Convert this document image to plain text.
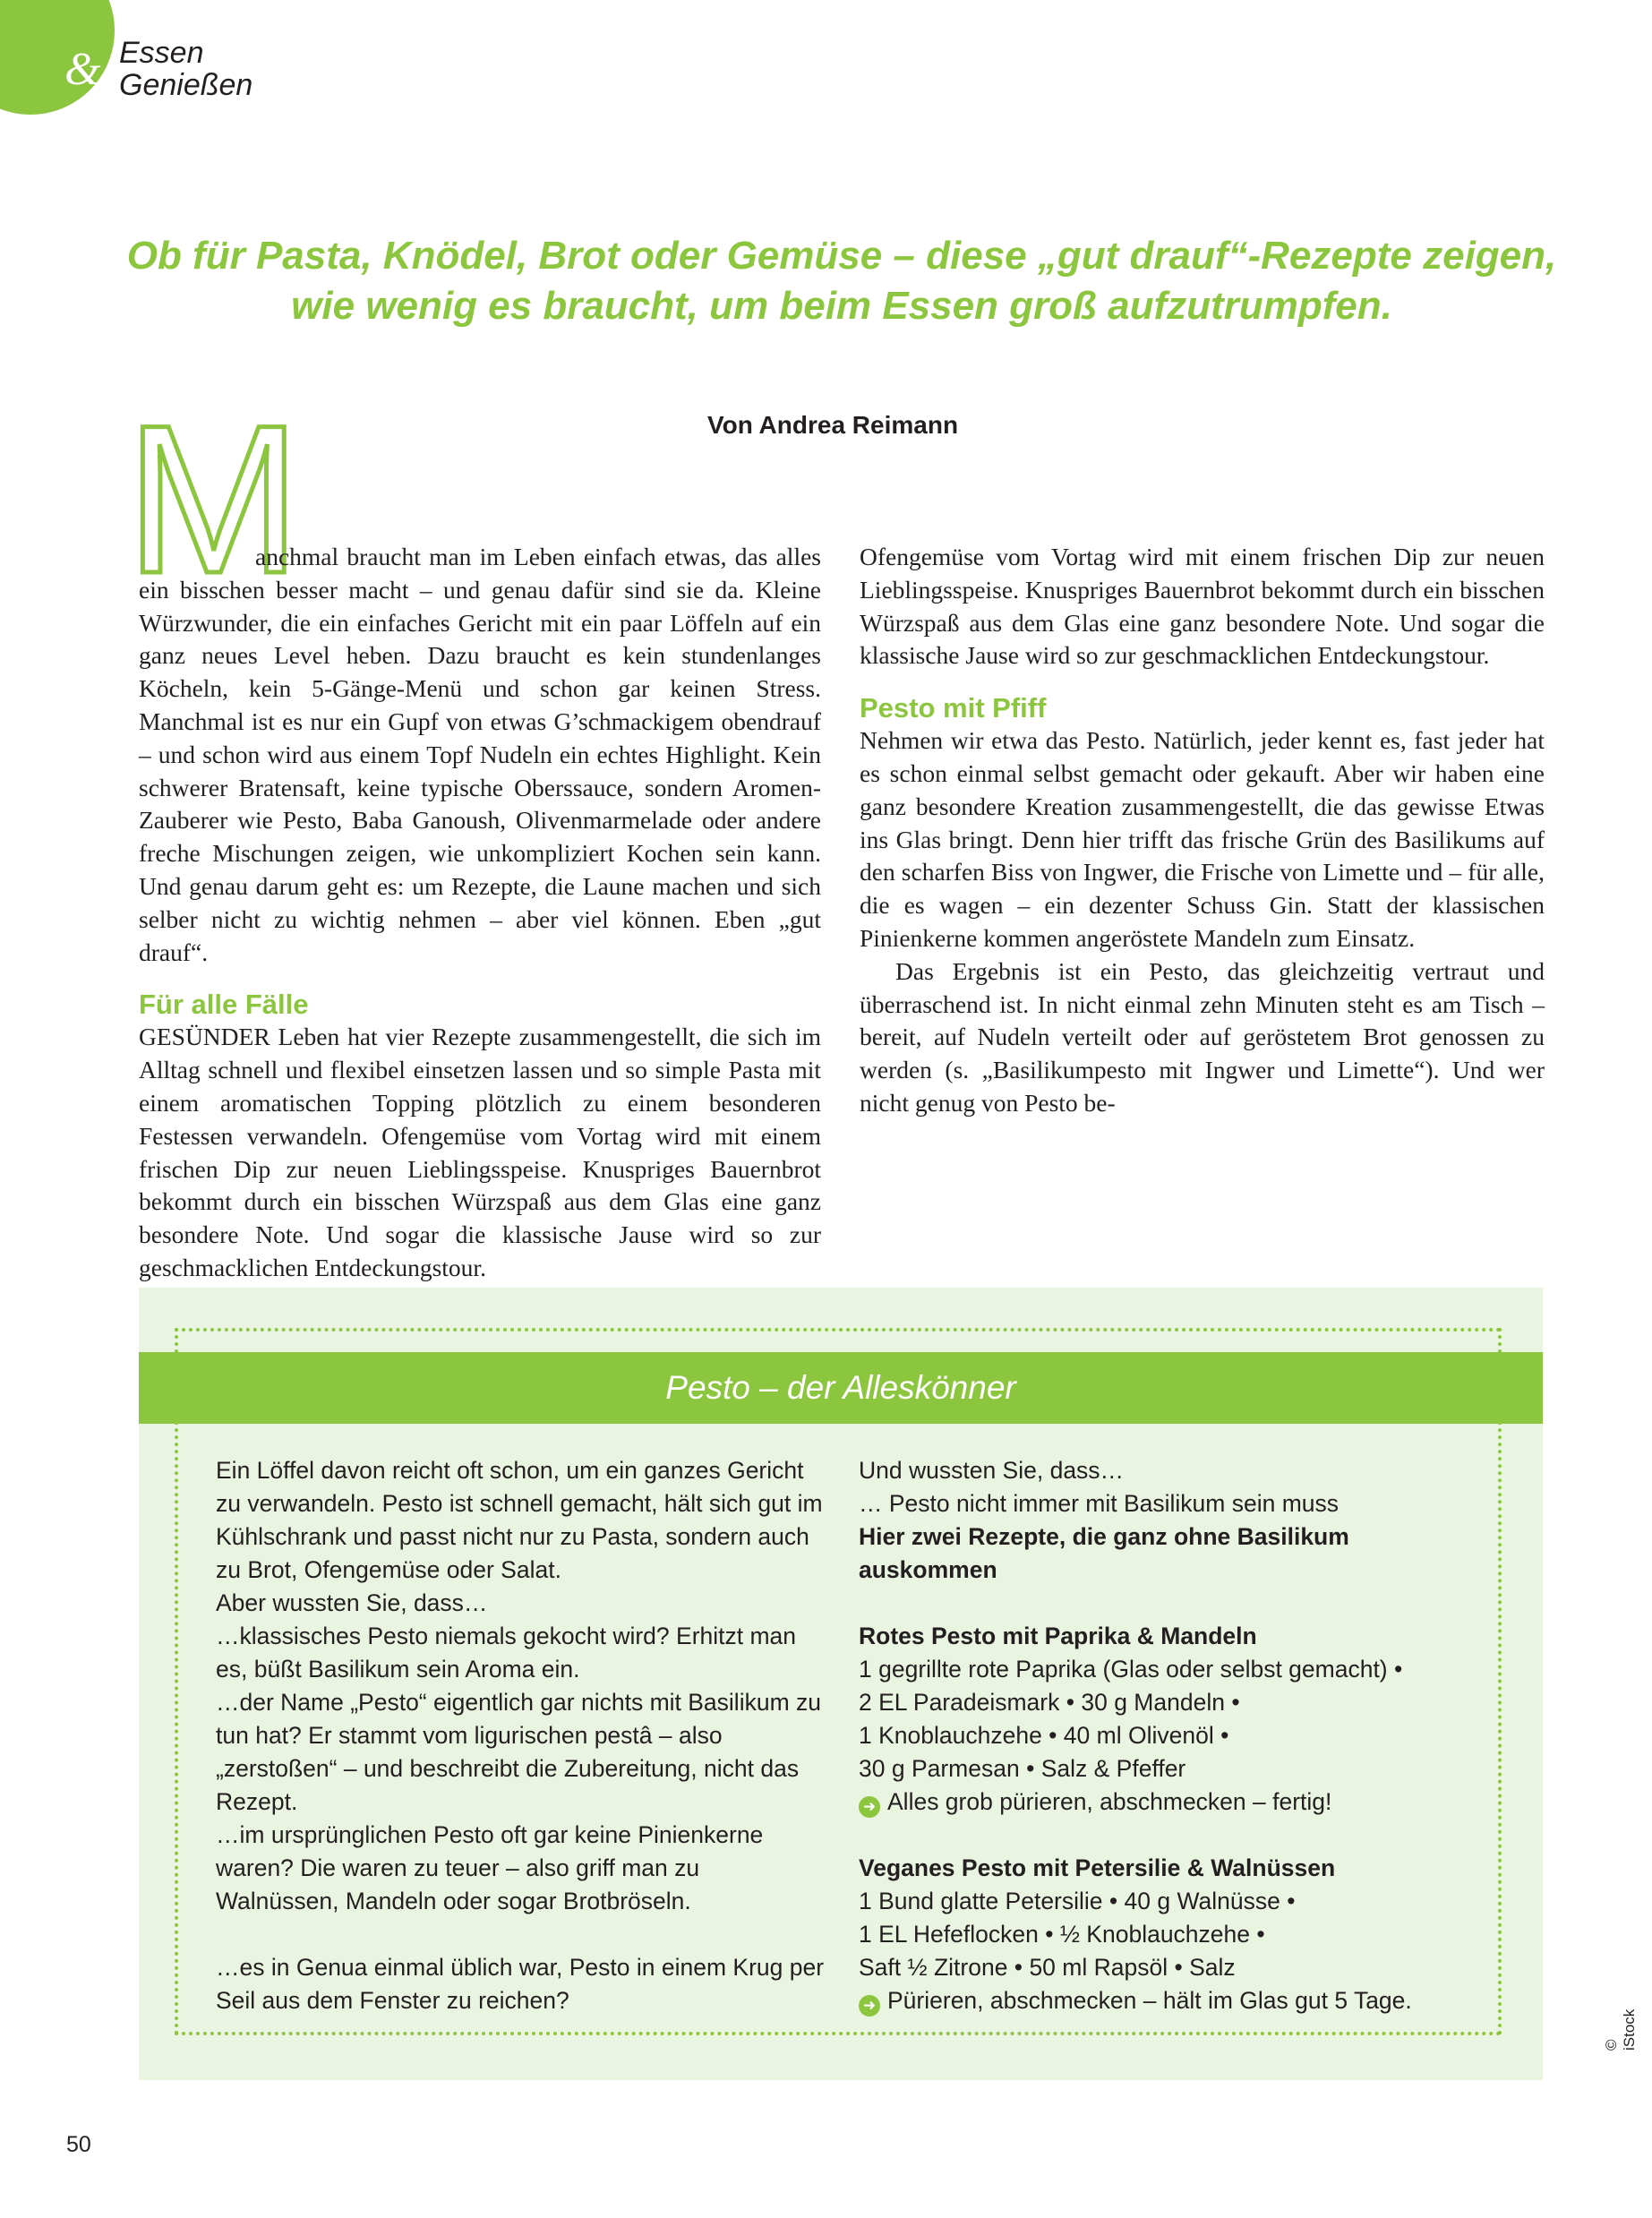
& Essen
Genießen
Ob für Pasta, Knödel, Brot oder Gemüse – diese „gut drauf“-Rezepte zeigen,
wie wenig es braucht, um beim Essen groß aufzutrumpfen.
Von Andrea Reimann
M

anchmal braucht man im Leben einfach etwas, das alles ein bisschen besser macht – und genau dafür sind sie da. Kleine Würzwunder, die ein einfaches Gericht mit ein paar Löffeln auf ein ganz neues Level heben. Dazu braucht es kein stundenlanges Köcheln, kein 5-Gänge-Menü und schon gar keinen Stress. Manchmal ist es nur ein Gupf von etwas G’schmackigem obendrauf – und schon wird aus einem Topf Nudeln ein echtes Highlight. Kein schwerer Bratensaft, keine typische Oberssauce, sondern Aromen-Zauberer wie Pesto, Baba Ganoush, Olivenmarmelade oder andere freche Mischungen zeigen, wie unkompliziert Kochen sein kann. Und genau darum geht es: um Rezepte, die Laune machen und sich selber nicht zu wichtig nehmen – aber viel können. Eben „gut drauf“.

Für alle Fälle

GESÜNDER Leben hat vier Rezepte zusammengestellt, die sich im Alltag schnell und flexibel einsetzen lassen und so simple Pasta mit einem aromatischen Topping plötzlich zu einem besonderen Festessen verwandeln. Ofengemüse vom Vortag wird mit einem frischen Dip zur neuen Lieblingsspeise. Knuspriges Bauernbrot bekommt durch ein bisschen Würzspaß aus dem Glas eine ganz besondere Note. Und sogar die klassische Jause wird so zur geschmacklichen Entdeckungstour.

Ofengemüse vom Vortag wird mit einem frischen Dip zur neuen Lieblingsspeise. Knuspriges Bauernbrot bekommt durch ein bisschen Würzspaß aus dem Glas eine ganz besondere Note. Und sogar die klassische Jause wird so zur geschmacklichen Entdeckungstour.

Pesto mit Pfiff

Nehmen wir etwa das Pesto. Natürlich, jeder kennt es, fast jeder hat es schon einmal selbst gemacht oder gekauft. Aber wir haben eine ganz besondere Kreation zusammengestellt, die das gewisse Etwas ins Glas bringt. Denn hier trifft das frische Grün des Basilikums auf den scharfen Biss von Ingwer, die Frische von Limette und – für alle, die es wagen – ein dezenter Schuss Gin. Statt der klassischen Pinienkerne kommen angeröstete Mandeln zum Einsatz.

Das Ergebnis ist ein Pesto, das gleichzeitig vertraut und überraschend ist. In nicht einmal zehn Minuten steht es am Tisch – bereit, auf Nudeln verteilt oder auf geröstetem Brot genossen zu werden (s. „Basilikumpesto mit Ingwer und Limette“). Und wer nicht genug von Pesto be-

Pesto – der Alleskönner

Ein Löffel davon reicht oft schon, um ein ganzes Gericht zu verwandeln. Pesto ist schnell gemacht, hält sich gut im Kühlschrank und passt nicht nur zu Pasta, sondern auch zu Brot, Ofengemüse oder Salat.

Aber wussten Sie, dass…

…klassisches Pesto niemals gekocht wird? Erhitzt man es, büßt Basilikum sein Aroma ein.

…der Name „Pesto“ eigentlich gar nichts mit Basilikum zu tun hat? Er stammt vom ligurischen pestâ – also „zerstoßen“ – und beschreibt die Zubereitung, nicht das Rezept.

…im ursprünglichen Pesto oft gar keine Pinienkerne waren? Die waren zu teuer – also griff man zu Walnüssen, Mandeln oder sogar Brotbröseln.

…es in Genua einmal üblich war, Pesto in einem Krug per Seil aus dem Fenster zu reichen?

Und wussten Sie, dass…

… Pesto nicht immer mit Basilikum sein muss

Hier zwei Rezepte, die ganz ohne Basilikum auskommen

Rotes Pesto mit Paprika & Mandeln

1 gegrillte rote Paprika (Glas oder selbst gemacht) •

2 EL Paradeismark • 30 g Mandeln •

1 Knoblauchzehe • 40 ml Olivenöl •

30 g Parmesan • Salz & Pfeffer

➜ Alles grob pürieren, abschmecken – fertig!

Veganes Pesto mit Petersilie & Walnüssen

1 Bund glatte Petersilie • 40 g Walnüsse •

1 EL Hefeflocken • ½ Knoblauchzehe •

Saft ½ Zitrone • 50 ml Rapsöl • Salz

➜ Pürieren, abschmecken – hält im Glas gut 5 Tage.

© iStock
50
